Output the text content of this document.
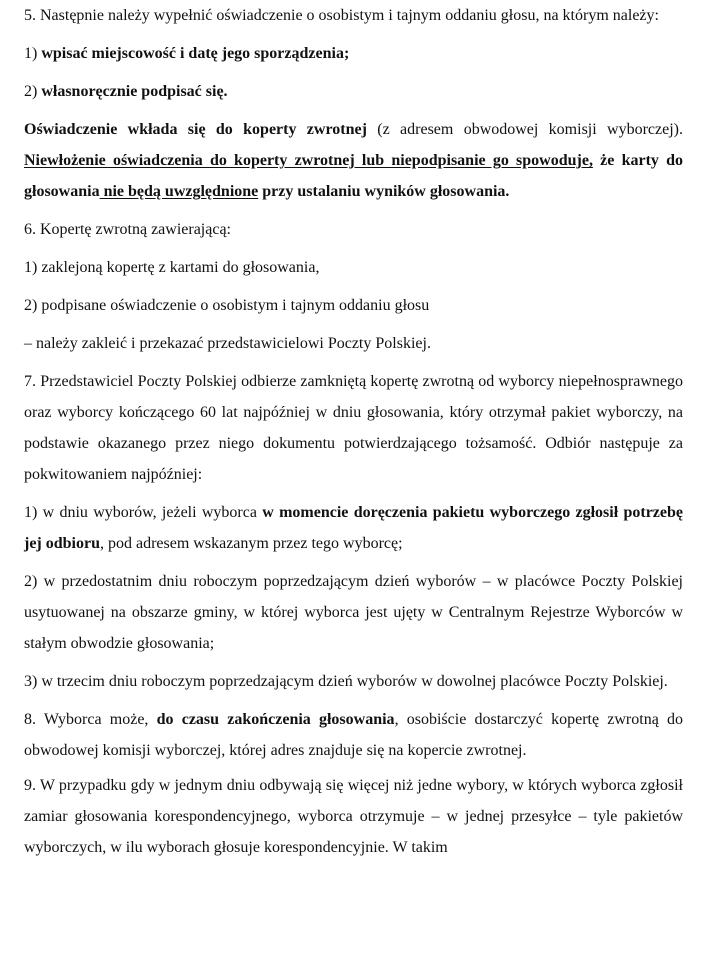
5. Następnie należy wypełnić oświadczenie o osobistym i tajnym oddaniu głosu, na którym należy:

1) wpisać miejscowość i datę jego sporządzenia;

2) własnoręcznie podpisać się.

Oświadczenie wkłada się do koperty zwrotnej (z adresem obwodowej komisji wyborczej). Niewłożenie oświadczenia do koperty zwrotnej lub niepodpisanie go spowoduje, że karty do głosowania nie będą uwzględnione przy ustalaniu wyników głosowania.

6. Kopertę zwrotną zawierającą:

1) zaklejoną kopertę z kartami do głosowania,

2) podpisane oświadczenie o osobistym i tajnym oddaniu głosu

– należy zakleić i przekazać przedstawicielowi Poczty Polskiej.

7. Przedstawiciel Poczty Polskiej odbierze zamkniętą kopertę zwrotną od wyborcy niepełnosprawnego oraz wyborcy kończącego 60 lat najpóźniej w dniu głosowania, który otrzymał pakiet wyborczy, na podstawie okazanego przez niego dokumentu potwierdzającego tożsamość. Odbiór następuje za pokwitowaniem najpóźniej:

1) w dniu wyborów, jeżeli wyborca w momencie doręczenia pakietu wyborczego zgłosił potrzebę jej odbioru, pod adresem wskazanym przez tego wyborcę;

2) w przedostatnim dniu roboczym poprzedzającym dzień wyborów – w placówce Poczty Polskiej usytuowanej na obszarze gminy, w której wyborca jest ujęty w Centralnym Rejestrze Wyborców w stałym obwodzie głosowania;

3) w trzecim dniu roboczym poprzedzającym dzień wyborów w dowolnej placówce Poczty Polskiej.

8. Wyborca może, do czasu zakończenia głosowania, osobiście dostarczyć kopertę zwrotną do obwodowej komisji wyborczej, której adres znajduje się na kopercie zwrotnej.

9. W przypadku gdy w jednym dniu odbywają się więcej niż jedne wybory, w których wyborca zgłosił zamiar głosowania korespondencyjnego, wyborca otrzymuje – w jednej przesyłce – tyle pakietów wyborczych, w ilu wyborach głosuje korespondencyjnie. W takim
